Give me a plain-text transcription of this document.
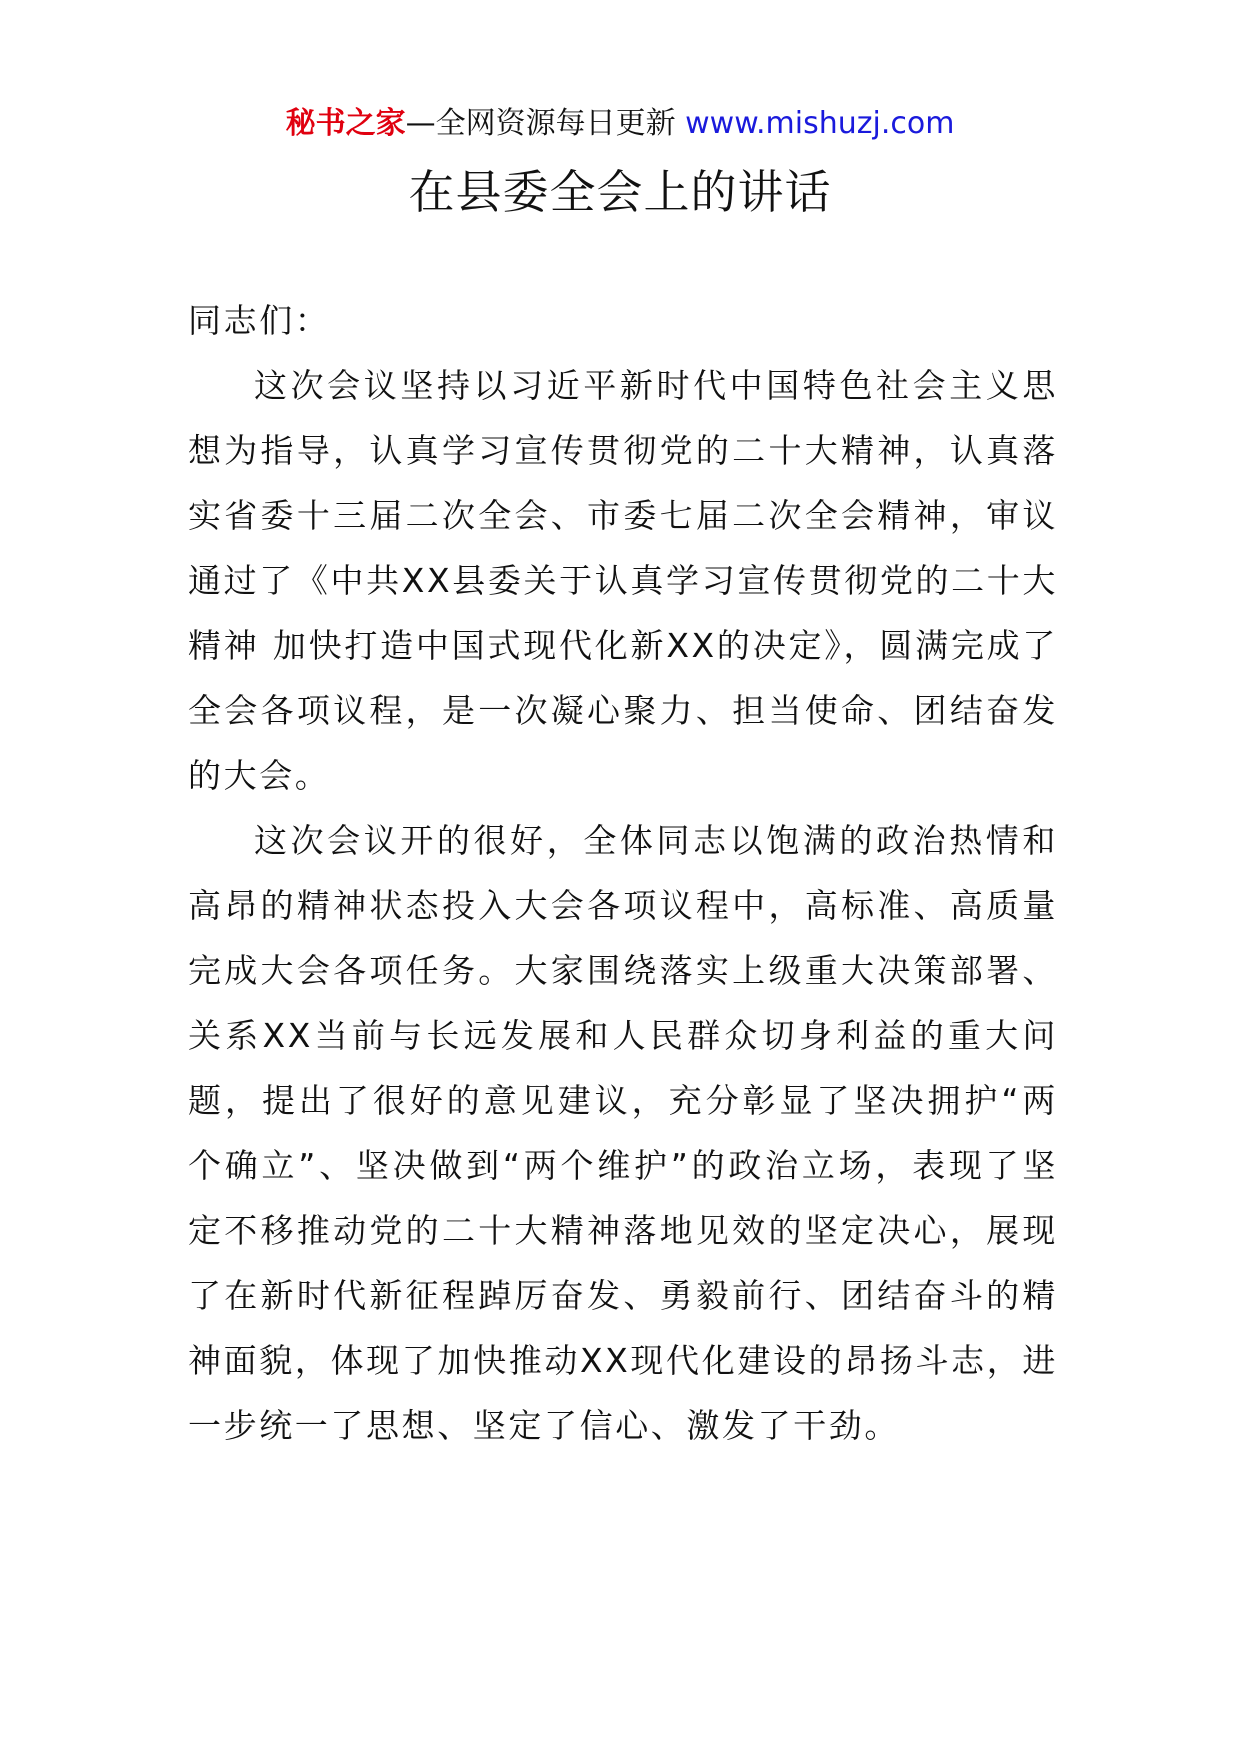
秘书之家—全网资源每日更新 www.mishuzj.com
在县委全会上的讲话

同志们：

这次会议坚持以习近平新时代中国特色社会主义思想为指导，认真学习宣传贯彻党的二十大精神，认真落实省委十三届二次全会、市委七届二次全会精神，审议通过了《中共XX县委关于认真学习宣传贯彻党的二十大精神 加快打造中国式现代化新XX的决定》，圆满完成了全会各项议程，是一次凝心聚力、担当使命、团结奋发的大会。

这次会议开的很好，全体同志以饱满的政治热情和高昂的精神状态投入大会各项议程中，高标准、高质量完成大会各项任务。大家围绕落实上级重大决策部署、关系XX当前与长远发展和人民群众切身利益的重大问题，提出了很好的意见建议，充分彰显了坚决拥护“两个确立”、坚决做到“两个维护”的政治立场，表现了坚定不移推动党的二十大精神落地见效的坚定决心，展现了在新时代新征程踔厉奋发、勇毅前行、团结奋斗的精神面貌，体现了加快推动XX现代化建设的昂扬斗志，进一步统一了思想、坚定了信心、激发了干劲。
